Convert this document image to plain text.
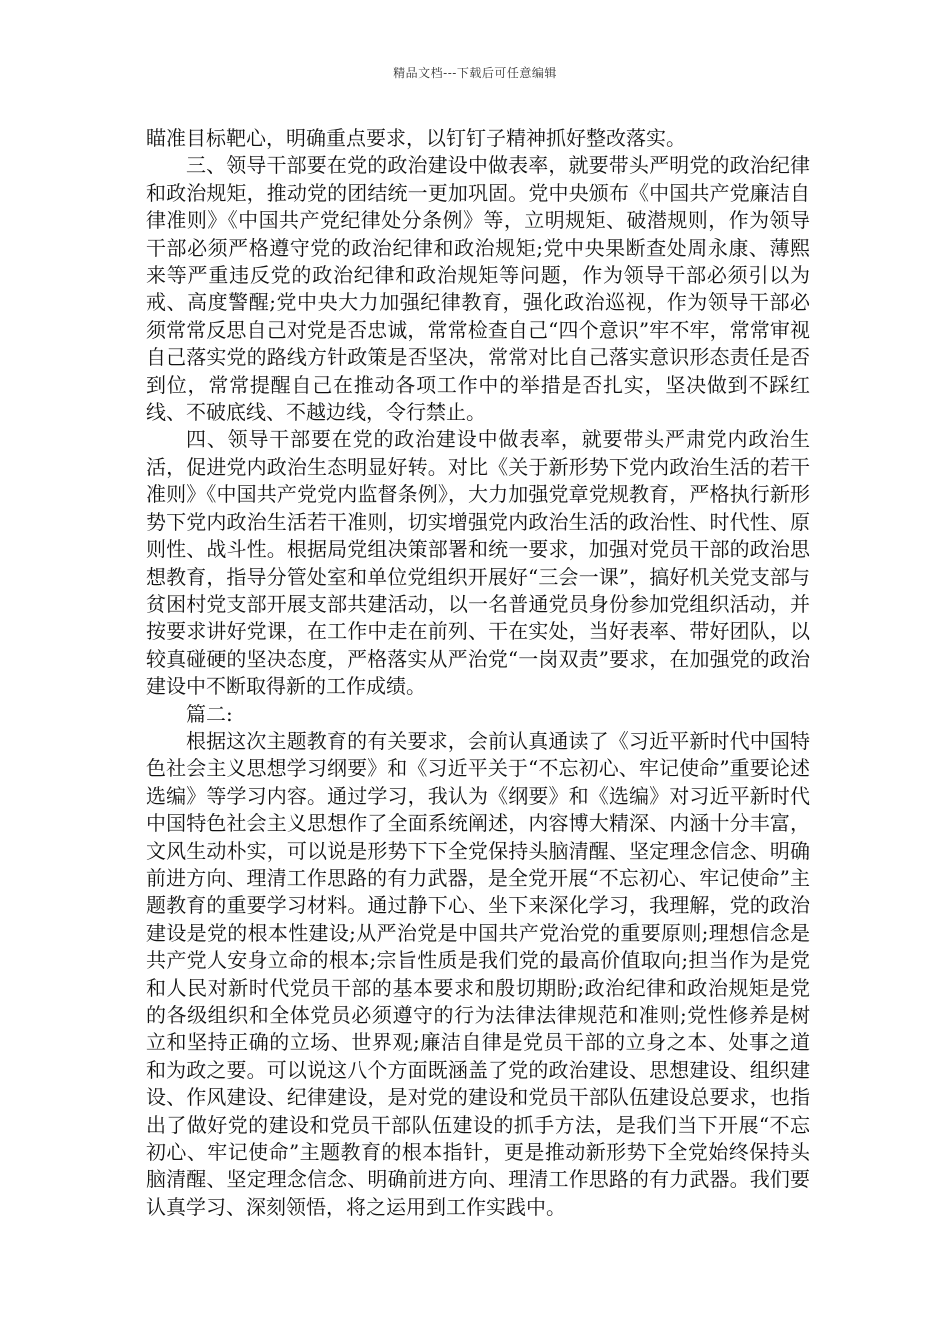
精品文档---下载后可任意编辑

瞄准目标靶心，明确重点要求，以钉钉子精神抓好整改落实。

三、领导干部要在党的政治建设中做表率，就要带头严明党的政治纪律和政治规矩，推动党的团结统一更加巩固。党中央颁布《中国共产党廉洁自律准则》《中国共产党纪律处分条例》等，立明规矩、破潜规则，作为领导干部必须严格遵守党的政治纪律和政治规矩;党中央果断查处周永康、薄熙来等严重违反党的政治纪律和政治规矩等问题，作为领导干部必须引以为戒、高度警醒;党中央大力加强纪律教育，强化政治巡视，作为领导干部必须常常反思自己对党是否忠诚，常常检查自己“四个意识”牢不牢，常常审视自己落实党的路线方针政策是否坚决，常常对比自己落实意识形态责任是否到位，常常提醒自己在推动各项工作中的举措是否扎实，坚决做到不踩红线、不破底线、不越边线，令行禁止。

四、领导干部要在党的政治建设中做表率，就要带头严肃党内政治生活，促进党内政治生态明显好转。对比《关于新形势下党内政治生活的若干准则》《中国共产党党内监督条例》，大力加强党章党规教育，严格执行新形势下党内政治生活若干准则，切实增强党内政治生活的政治性、时代性、原则性、战斗性。根据局党组决策部署和统一要求，加强对党员干部的政治思想教育，指导分管处室和单位党组织开展好“三会一课”，搞好机关党支部与贫困村党支部开展支部共建活动，以一名普通党员身份参加党组织活动，并按要求讲好党课，在工作中走在前列、干在实处，当好表率、带好团队，以较真碰硬的坚决态度，严格落实从严治党“一岗双责”要求，在加强党的政治建设中不断取得新的工作成绩。

篇二:

根据这次主题教育的有关要求，会前认真通读了《习近平新时代中国特色社会主义思想学习纲要》和《习近平关于“不忘初心、牢记使命”重要论述选编》等学习内容。通过学习，我认为《纲要》和《选编》对习近平新时代中国特色社会主义思想作了全面系统阐述，内容博大精深、内涵十分丰富，文风生动朴实，可以说是形势下下全党保持头脑清醒、坚定理念信念、明确前进方向、理清工作思路的有力武器，是全党开展“不忘初心、牢记使命”主题教育的重要学习材料。通过静下心、坐下来深化学习，我理解，党的政治建设是党的根本性建设;从严治党是中国共产党治党的重要原则;理想信念是共产党人安身立命的根本;宗旨性质是我们党的最高价值取向;担当作为是党和人民对新时代党员干部的基本要求和殷切期盼;政治纪律和政治规矩是党的各级组织和全体党员必须遵守的行为法律法律规范和准则;党性修养是树立和坚持正确的立场、世界观;廉洁自律是党员干部的立身之本、处事之道和为政之要。可以说这八个方面既涵盖了党的政治建设、思想建设、组织建设、作风建设、纪律建设，是对党的建设和党员干部队伍建设总要求，也指出了做好党的建设和党员干部队伍建设的抓手方法，是我们当下开展“不忘初心、牢记使命”主题教育的根本指针，更是推动新形势下全党始终保持头脑清醒、坚定理念信念、明确前进方向、理清工作思路的有力武器。我们要认真学习、深刻领悟，将之运用到工作实践中。
